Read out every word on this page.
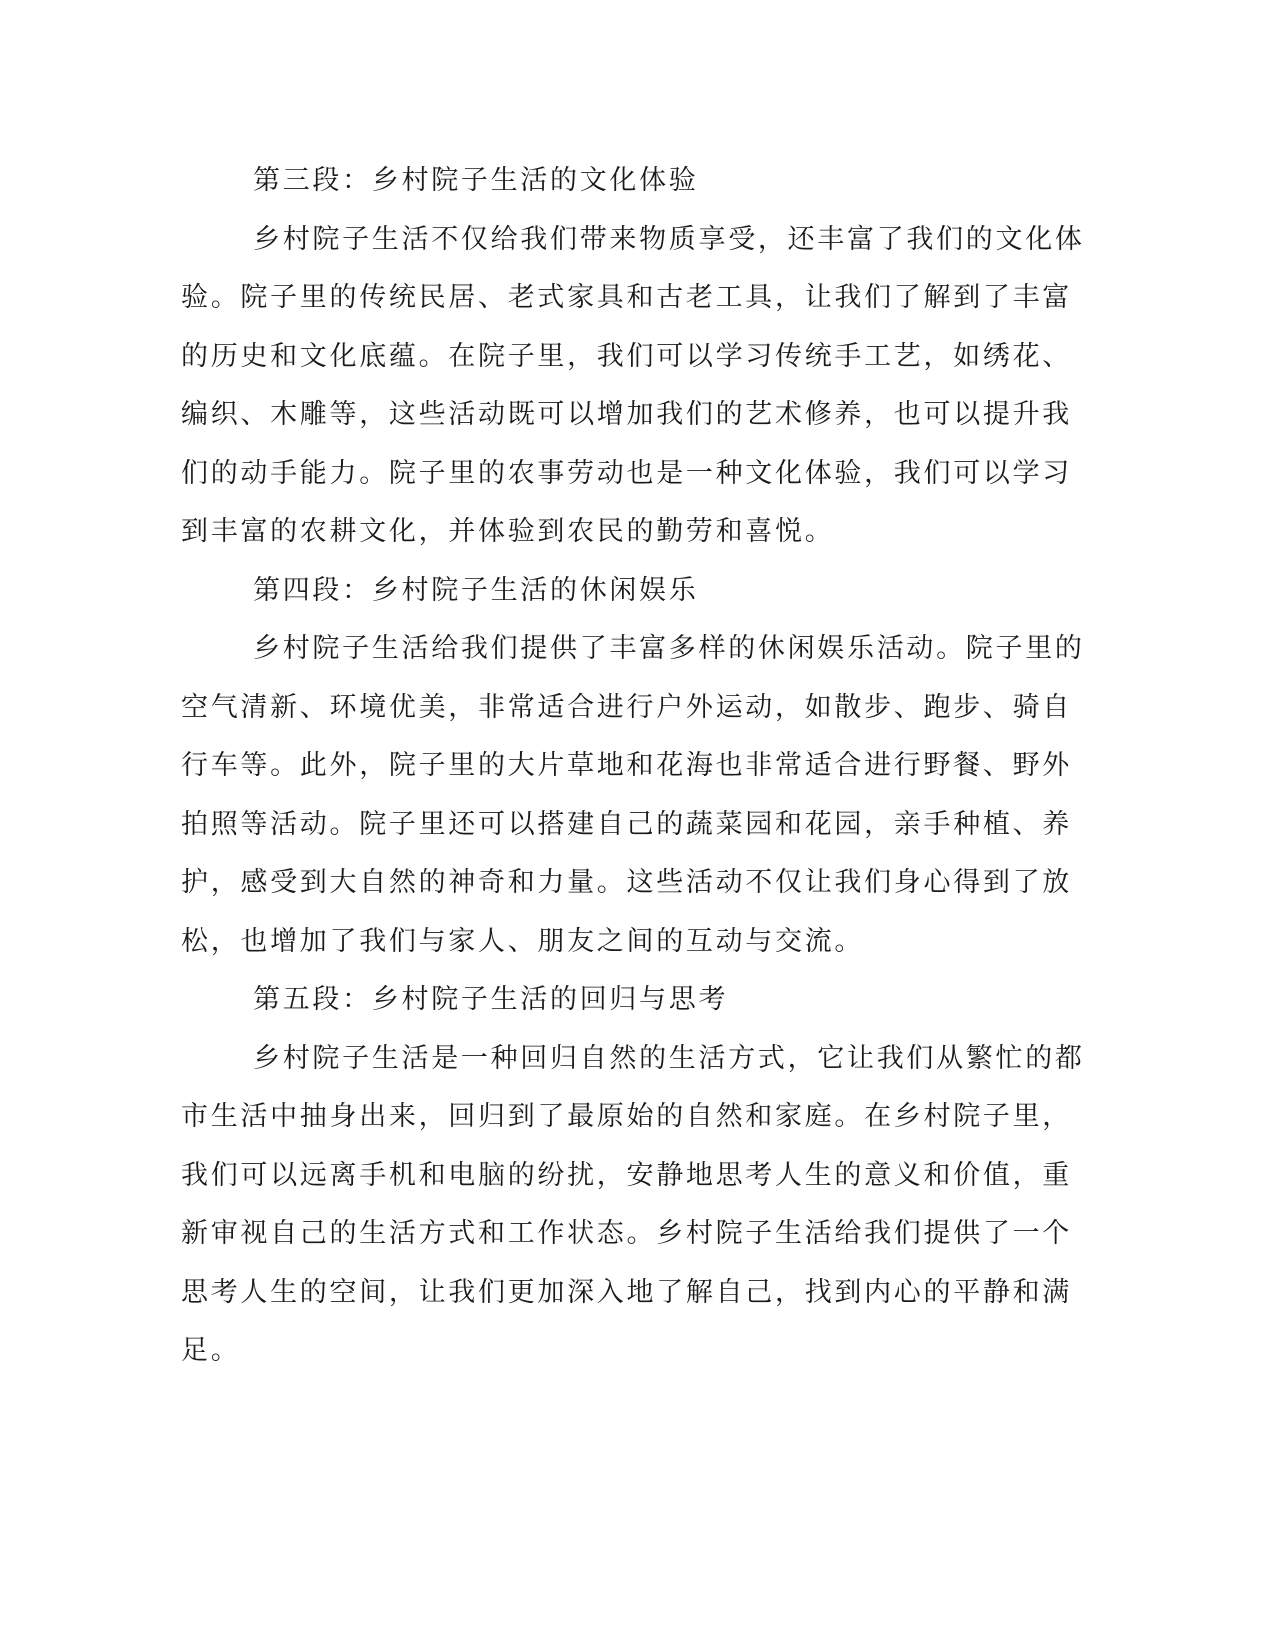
第三段：乡村院子生活的文化体验
乡村院子生活不仅给我们带来物质享受，还丰富了我们的文化体
验。院子里的传统民居、老式家具和古老工具，让我们了解到了丰富
的历史和文化底蕴。在院子里，我们可以学习传统手工艺，如绣花、
编织、木雕等，这些活动既可以增加我们的艺术修养，也可以提升我
们的动手能力。院子里的农事劳动也是一种文化体验，我们可以学习
到丰富的农耕文化，并体验到农民的勤劳和喜悦。
第四段：乡村院子生活的休闲娱乐
乡村院子生活给我们提供了丰富多样的休闲娱乐活动。院子里的
空气清新、环境优美，非常适合进行户外运动，如散步、跑步、骑自
行车等。此外，院子里的大片草地和花海也非常适合进行野餐、野外
拍照等活动。院子里还可以搭建自己的蔬菜园和花园，亲手种植、养
护，感受到大自然的神奇和力量。这些活动不仅让我们身心得到了放
松，也增加了我们与家人、朋友之间的互动与交流。
第五段：乡村院子生活的回归与思考
乡村院子生活是一种回归自然的生活方式，它让我们从繁忙的都
市生活中抽身出来，回归到了最原始的自然和家庭。在乡村院子里，
我们可以远离手机和电脑的纷扰，安静地思考人生的意义和价值，重
新审视自己的生活方式和工作状态。乡村院子生活给我们提供了一个
思考人生的空间，让我们更加深入地了解自己，找到内心的平静和满
足。
